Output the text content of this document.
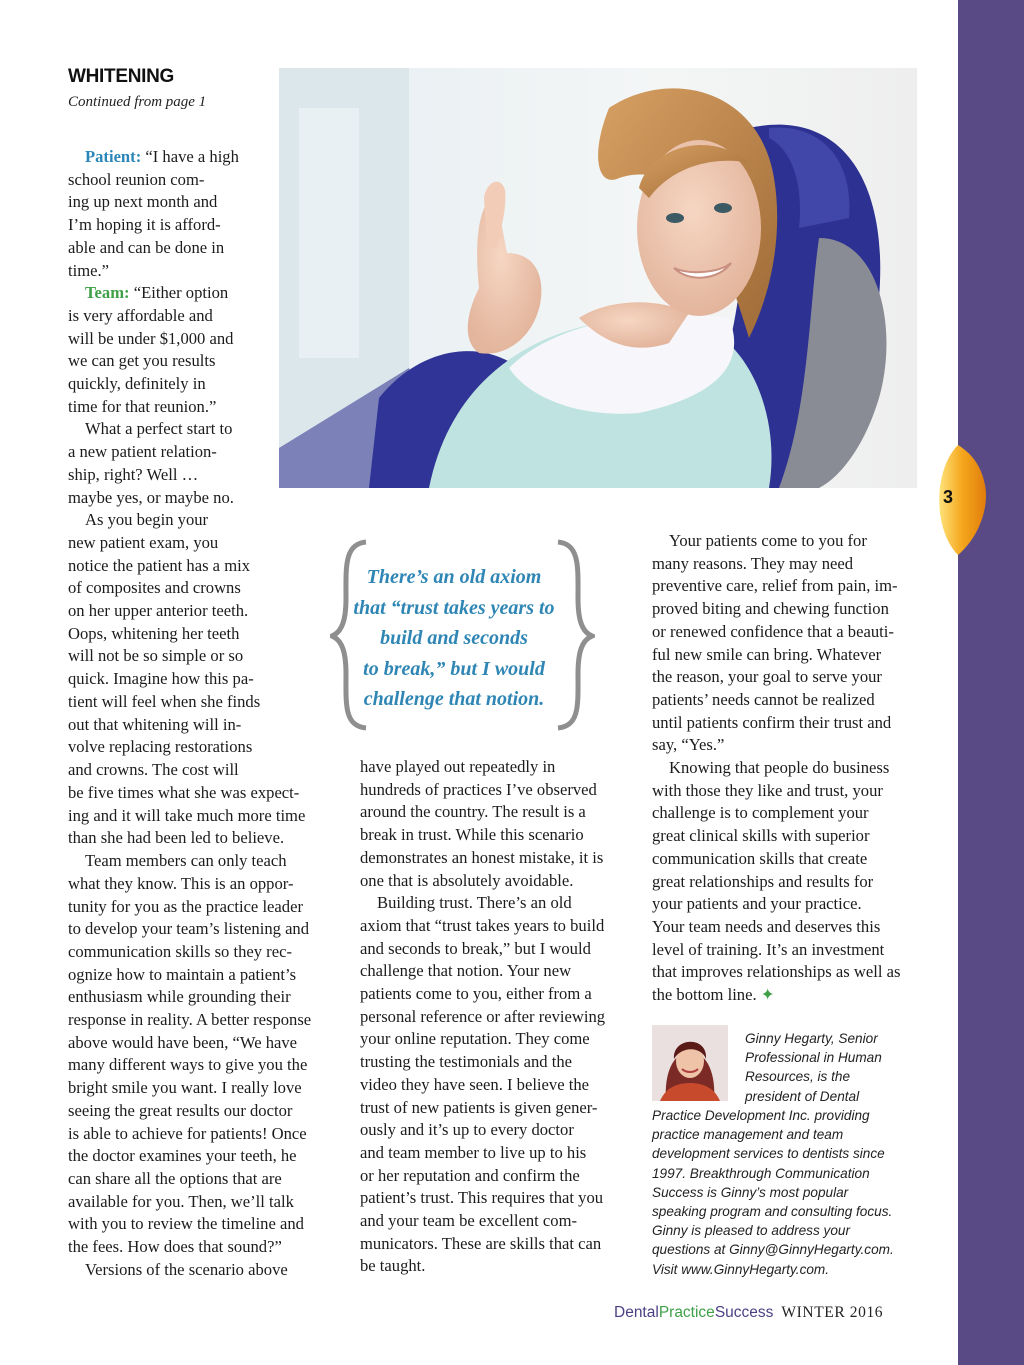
3
WHITENING
Continued from page 1
Patient: “I have a high
school reunion com-
ing up next month and
I’m hoping it is afford-
able and can be done in
time.”
Team: “Either option
is very affordable and
will be under $1,000 and
we can get you results
quickly, definitely in
time for that reunion.”
What a perfect start to
a new patient relation-
ship, right? Well …
maybe yes, or maybe no.
As you begin your
new patient exam, you
notice the patient has a mix
of composites and crowns
on her upper anterior teeth.
Oops, whitening her teeth
will not be so simple or so
quick. Imagine how this pa-
tient will feel when she finds
out that whitening will in-
volve replacing restorations
and crowns. The cost will
be five times what she was expect-
ing and it will take much more time
than she had been led to believe.
Team members can only teach
what they know. This is an oppor-
tunity for you as the practice leader
to develop your team’s listening and
communication skills so they rec-
ognize how to maintain a patient’s
enthusiasm while grounding their
response in reality. A better response
above would have been, “We have
many different ways to give you the
bright smile you want. I really love
seeing the great results our doctor
is able to achieve for patients! Once
the doctor examines your teeth, he
can share all the options that are
available for you. Then, we’ll talk
with you to review the timeline and
the fees. How does that sound?”
Versions of the scenario above
There’s an old axiom
that “trust takes years to
build and seconds
to break,” but I would
challenge that notion.
have played out repeatedly in
hundreds of practices I’ve observed
around the country. The result is a
break in trust. While this scenario
demonstrates an honest mistake, it is
one that is absolutely avoidable.
Building trust. There’s an old
axiom that “trust takes years to build
and seconds to break,” but I would
challenge that notion. Your new
patients come to you, either from a
personal reference or after reviewing
your online reputation. They come
trusting the testimonials and the
video they have seen. I believe the
trust of new patients is given gener-
ously and it’s up to every doctor
and team member to live up to his
or her reputation and confirm the
patient’s trust. This requires that you
and your team be excellent com-
municators. These are skills that can
be taught.
Your patients come to you for
many reasons. They may need
preventive care, relief from pain, im-
proved biting and chewing function
or renewed confidence that a beauti-
ful new smile can bring. Whatever
the reason, your goal to serve your
patients’ needs cannot be realized
until patients confirm their trust and
say, “Yes.”
Knowing that people do business
with those they like and trust, your
challenge is to complement your
great clinical skills with superior
communication skills that create
great relationships and results for
your patients and your practice.
Your team needs and deserves this
level of training. It’s an investment
that improves relationships as well as
the bottom line. ✦
Ginny Hegarty, Senior
Professional in Human
Resources, is the
president of Dental
Practice Development Inc. providing
practice management and team
development services to dentists since
1997. Breakthrough Communication
Success is Ginny’s most popular
speaking program and consulting focus.
Ginny is pleased to address your
questions at Ginny@GinnyHegarty.com.
Visit www.GinnyHegarty.com.
DentalPracticeSuccess WINTER 2016
